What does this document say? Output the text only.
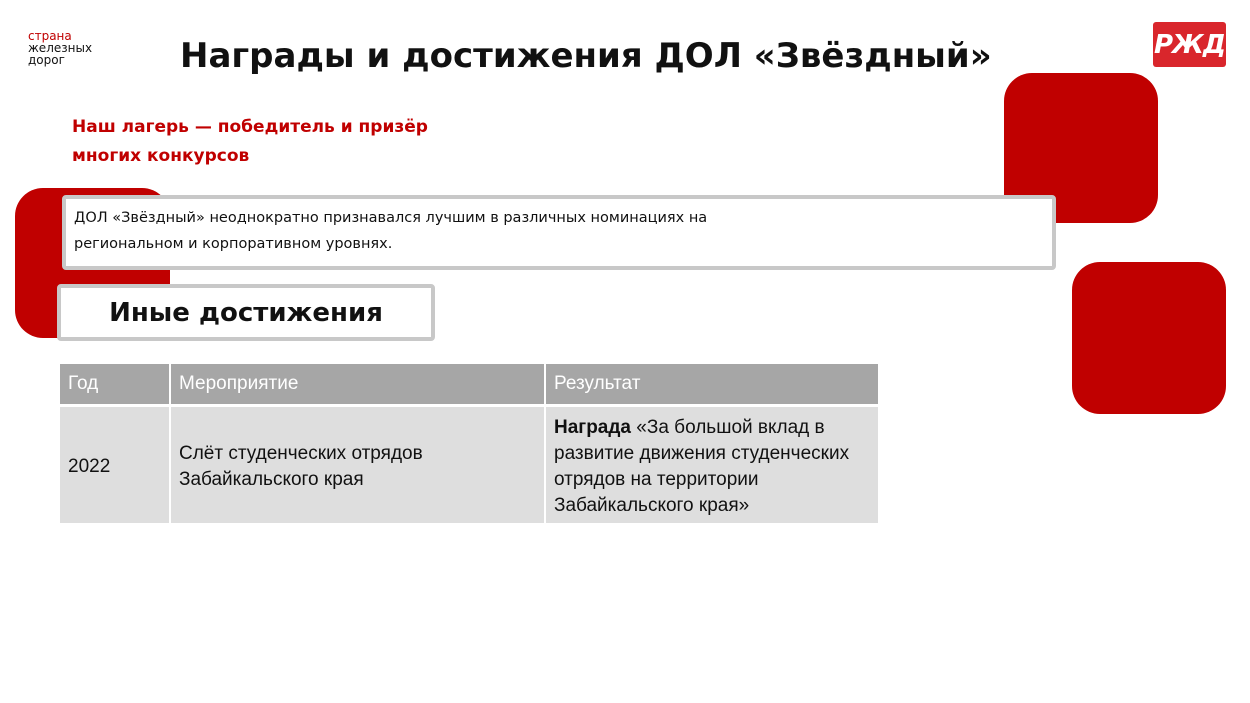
страна
железных
дорог	Награды и достижения ДОЛ «Звёздный»	РЖД
Наш лагерь — победитель и призёр
многих конкурсов
ДОЛ «Звёздный» неоднократно признавался лучшим в различных номинациях на
региональном и корпоративном уровнях.
Иные достижения
Год	Мероприятие	Результат
2022	Слёт студенческих отрядов Забайкальского края	Награда «За большой вклад в развитие движения студенческих отрядов на территории Забайкальского края»
